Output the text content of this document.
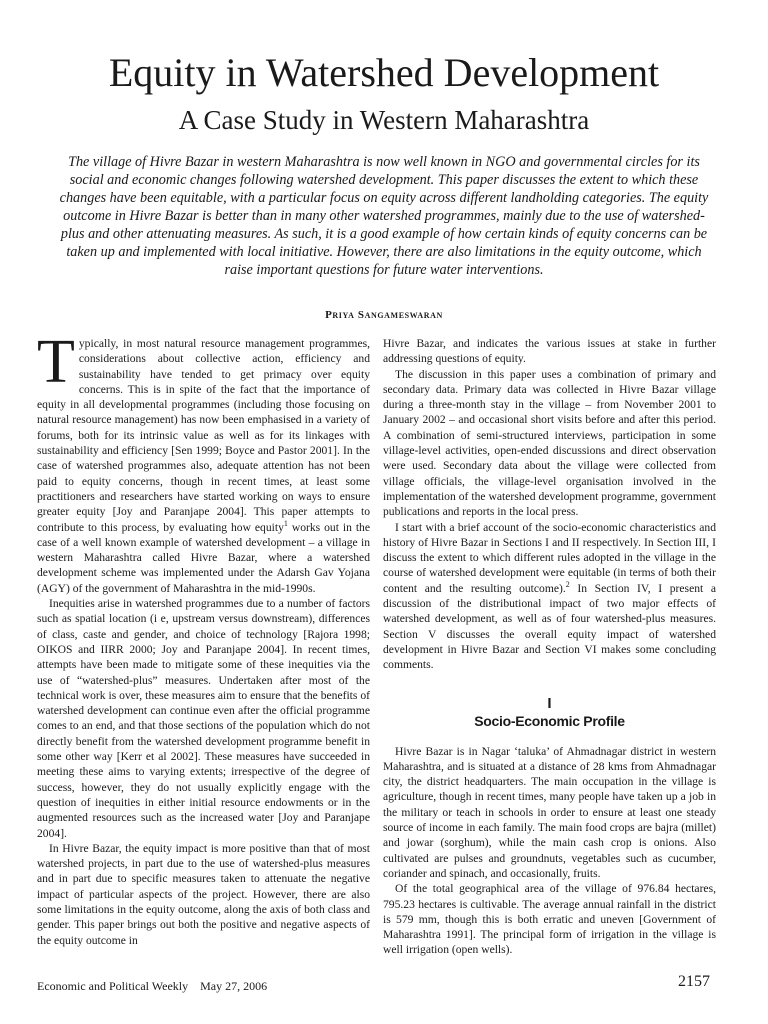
Equity in Watershed Development
A Case Study in Western Maharashtra

The village of Hivre Bazar in western Maharashtra is now well known in NGO and governmental circles for its social and economic changes following watershed development. This paper discusses the extent to which these changes have been equitable, with a particular focus on equity across different landholding categories. The equity outcome in Hivre Bazar is better than in many other watershed programmes, mainly due to the use of watershed-plus and other attenuating measures. As such, it is a good example of how certain kinds of equity concerns can be taken up and implemented with local initiative. However, there are also limitations in the equity outcome, which raise important questions for future water interventions.

Priya Sangameswaran

Typically, in most natural resource management programmes, considerations about collective action, efficiency and sustainability have tended to get primacy over equity concerns. This is in spite of the fact that the importance of equity in all developmental programmes (including those focusing on natural resource management) has now been emphasised in a variety of forums, both for its intrinsic value as well as for its linkages with sustainability and efficiency [Sen 1999; Boyce and Pastor 2001]. In the case of watershed programmes also, adequate attention has not been paid to equity concerns, though in recent times, at least some practitioners and researchers have started working on ways to ensure greater equity [Joy and Paranjape 2004]. This paper attempts to contribute to this process, by evaluating how equity$^1$ works out in the case of a well known example of watershed development – a village in western Maharashtra called Hivre Bazar, where a watershed development scheme was implemented under the Adarsh Gav Yojana (AGY) of the government of Maharashtra in the mid-1990s.

Inequities arise in watershed programmes due to a number of factors such as spatial location (i e, upstream versus downstream), differences of class, caste and gender, and choice of technology [Rajora 1998; OIKOS and IIRR 2000; Joy and Paranjape 2004]. In recent times, attempts have been made to mitigate some of these inequities via the use of “watershed-plus” measures. Undertaken after most of the technical work is over, these measures aim to ensure that the benefits of watershed development can continue even after the official programme comes to an end, and that those sections of the population which do not directly benefit from the watershed development programme benefit in some other way [Kerr et al 2002]. These measures have succeeded in meeting these aims to varying extents; irrespective of the degree of success, however, they do not usually explicitly engage with the question of inequities in either initial resource endowments or in the augmented resources such as the increased water [Joy and Paranjape 2004].

In Hivre Bazar, the equity impact is more positive than that of most watershed projects, in part due to the use of watershed-plus measures and in part due to specific measures taken to attenuate the negative impact of particular aspects of the project. However, there are also some limitations in the equity outcome, along the axis of both class and gender. This paper brings out both the positive and negative aspects of the equity outcome in

Hivre Bazar, and indicates the various issues at stake in further addressing questions of equity.

The discussion in this paper uses a combination of primary and secondary data. Primary data was collected in Hivre Bazar village during a three-month stay in the village – from November 2001 to January 2002 – and occasional short visits before and after this period. A combination of semi-structured interviews, participation in some village-level activities, open-ended discussions and direct observation were used. Secondary data about the village were collected from village officials, the village-level organisation involved in the implementation of the watershed development programme, government publications and reports in the local press.

I start with a brief account of the socio-economic characteristics and history of Hivre Bazar in Sections I and II respectively. In Section III, I discuss the extent to which different rules adopted in the village in the course of watershed development were equitable (in terms of both their content and the resulting outcome).$^2$ In Section IV, I present a discussion of the distributional impact of two major effects of watershed development, as well as of four watershed-plus measures. Section V discusses the overall equity impact of watershed development in Hivre Bazar and Section VI makes some concluding comments.

I
Socio-Economic Profile

Hivre Bazar is in Nagar ‘taluka’ of Ahmadnagar district in western Maharashtra, and is situated at a distance of 28 kms from Ahmadnagar city, the district headquarters. The main occupation in the village is agriculture, though in recent times, many people have taken up a job in the military or teach in schools in order to ensure at least one steady source of income in each family. The main food crops are bajra (millet) and jowar (sorghum), while the main cash crop is onions. Also cultivated are pulses and groundnuts, vegetables such as cucumber, coriander and spinach, and occasionally, fruits.

Of the total geographical area of the village of 976.84 hectares, 795.23 hectares is cultivable. The average annual rainfall in the district is 579 mm, though this is both erratic and uneven [Government of Maharashtra 1991]. The principal form of irrigation in the village is well irrigation (open wells).

Economic and Political Weekly    May 27, 2006	2157
